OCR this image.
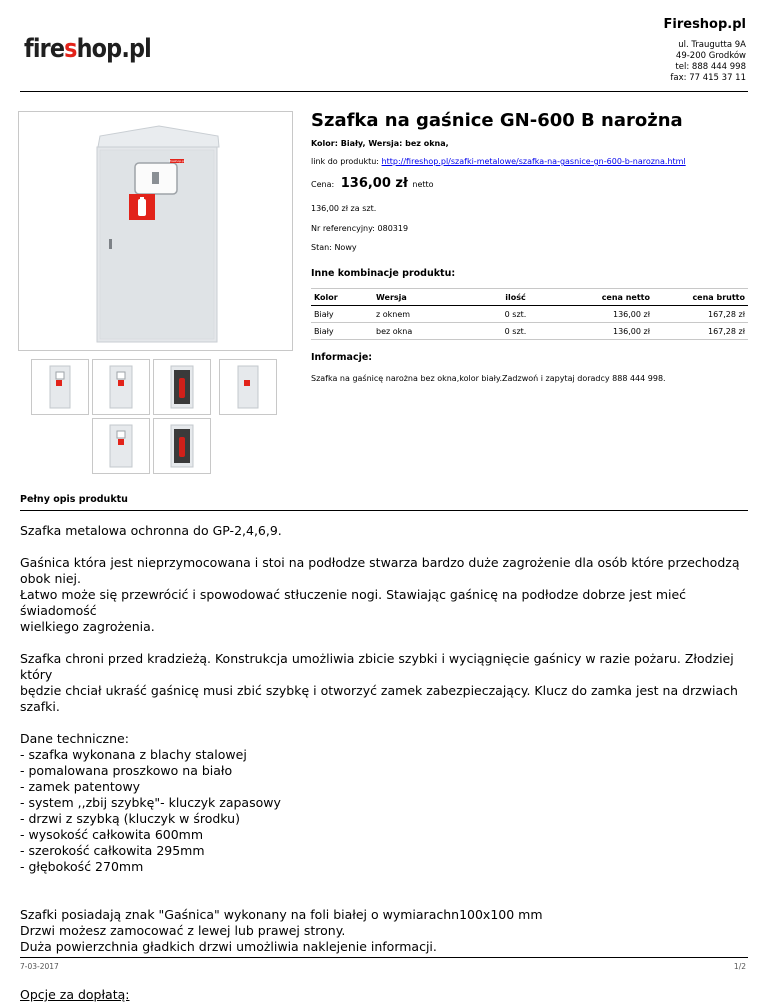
Fireshop.pl
fireshop.pl	ul. Traugutta 9A
49-200 Grodków
tel: 888 444 998
fax: 77 415 37 11
fireshop.pl
Szafka na gaśnice GN-600 B narożna
Kolor: Biały, Wersja: bez okna,
link do produktu: http://fireshop.pl/szafki-metalowe/szafka-na-gasnice-gn-600-b-narozna.html
Cena: 136,00 zł netto
136,00 zł za szt.
Nr referencyjny: 080319
Stan: Nowy
Inne kombinacje produktu:
Kolor	Wersja	ilość	cena netto	cena brutto
Biały	z oknem	0 szt.	136,00 zł	167,28 zł
Biały	bez okna	0 szt.	136,00 zł	167,28 zł
Informacje:
Szafka na gaśnicę narożna bez okna,kolor biały.Zadzwoń i zapytaj doradcy 888 444 998.
Pełny opis produktu

Szafka metalowa ochronna do GP-2,4,6,9.

Gaśnica która jest nieprzymocowana i stoi na podłodze stwarza bardzo duże zagrożenie dla osób które przechodzą obok niej.

Łatwo może się przewrócić i spowodować stłuczenie nogi. Stawiając gaśnicę na podłodze dobrze jest mieć świadomość

wielkiego zagrożenia.

Szafka chroni przed kradzieżą. Konstrukcja umożliwia zbicie szybki i wyciągnięcie gaśnicy w razie pożaru. Złodziej który

będzie chciał ukraść gaśnicę musi zbić szybkę i otworzyć zamek zabezpieczający. Klucz do zamka jest na drzwiach szafki.

Dane techniczne:

- szafka wykonana z blachy stalowej

- pomalowana proszkowo na biało

- zamek patentowy

- system ,,zbij szybkę"- kluczyk zapasowy

- drzwi z szybką (kluczyk w środku)

- wysokość całkowita 600mm

- szerokość całkowita 295mm

- głębokość 270mm

Szafki posiadają znak "Gaśnica" wykonany na foli białej o wymiarachn100x100 mm

Drzwi możesz zamocować z lewej lub prawej strony.

Duża powierzchnia gładkich drzwi umożliwia naklejenie informacji.

Opcje za dopłatą:

7-03-2017	1/2
